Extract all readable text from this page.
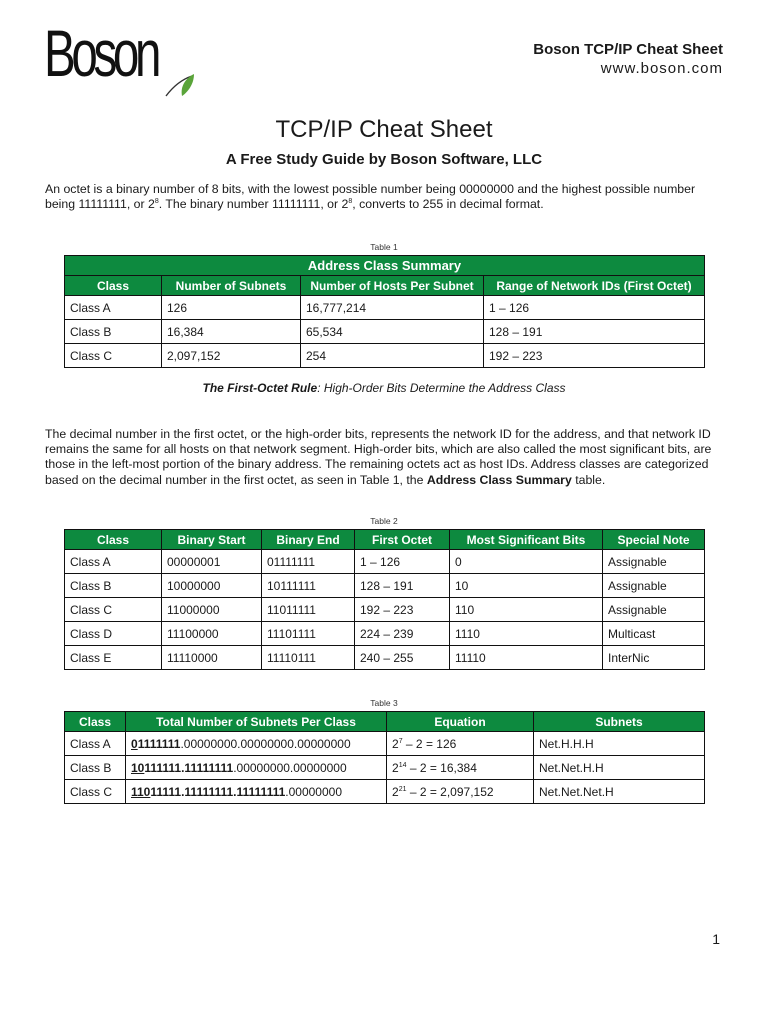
Boson	Boson TCP/IP Cheat Sheet
www.boson.com
TCP/IP Cheat Sheet
A Free Study Guide by Boson Software, LLC
An octet is a binary number of 8 bits, with the lowest possible number being 00000000 and the highest possible number being 11111111, or $2^8$. The binary number 11111111, or $2^8$, converts to 255 in decimal format.
Table 1
Address Class Summary			
Class	Number of Subnets	Number of Hosts Per Subnet	Range of Network IDs (First Octet)
Class A	126	16,777,214	1 – 126
Class B	16,384	65,534	128 – 191
Class C	2,097,152	254	192 – 223
The First-Octet Rule: High-Order Bits Determine the Address Class
The decimal number in the first octet, or the high-order bits, represents the network ID for the address, and that network ID remains the same for all hosts on that network segment. High-order bits, which are also called the most significant bits, are those in the left-most portion of the binary address. The remaining octets act as host IDs. Address classes are categorized based on the decimal number in the first octet, as seen in Table 1, the Address Class Summary table.
Table 2
Class	Binary Start	Binary End	First Octet	Most Significant Bits	Special Note
Class A	00000001	01111111	1 – 126	0	Assignable
Class B	10000000	10111111	128 – 191	10	Assignable
Class C	11000000	11011111	192 – 223	110	Assignable
Class D	11100000	11101111	224 – 239	1110	Multicast
Class E	11110000	11110111	240 – 255	11110	InterNic
Table 3
Class	Total Number of Subnets Per Class	Equation	Subnets
Class A	01111111.00000000.00000000.00000000	$2^7 - 2 = 126$	Net.H.H.H
Class B	10111111.11111111.00000000.00000000	$2^{14} - 2 = 16,384$	Net.Net.H.H
Class C	11011111.11111111.11111111.00000000	$2^{21} - 2 = 2,097,152$	Net.Net.Net.H
1
